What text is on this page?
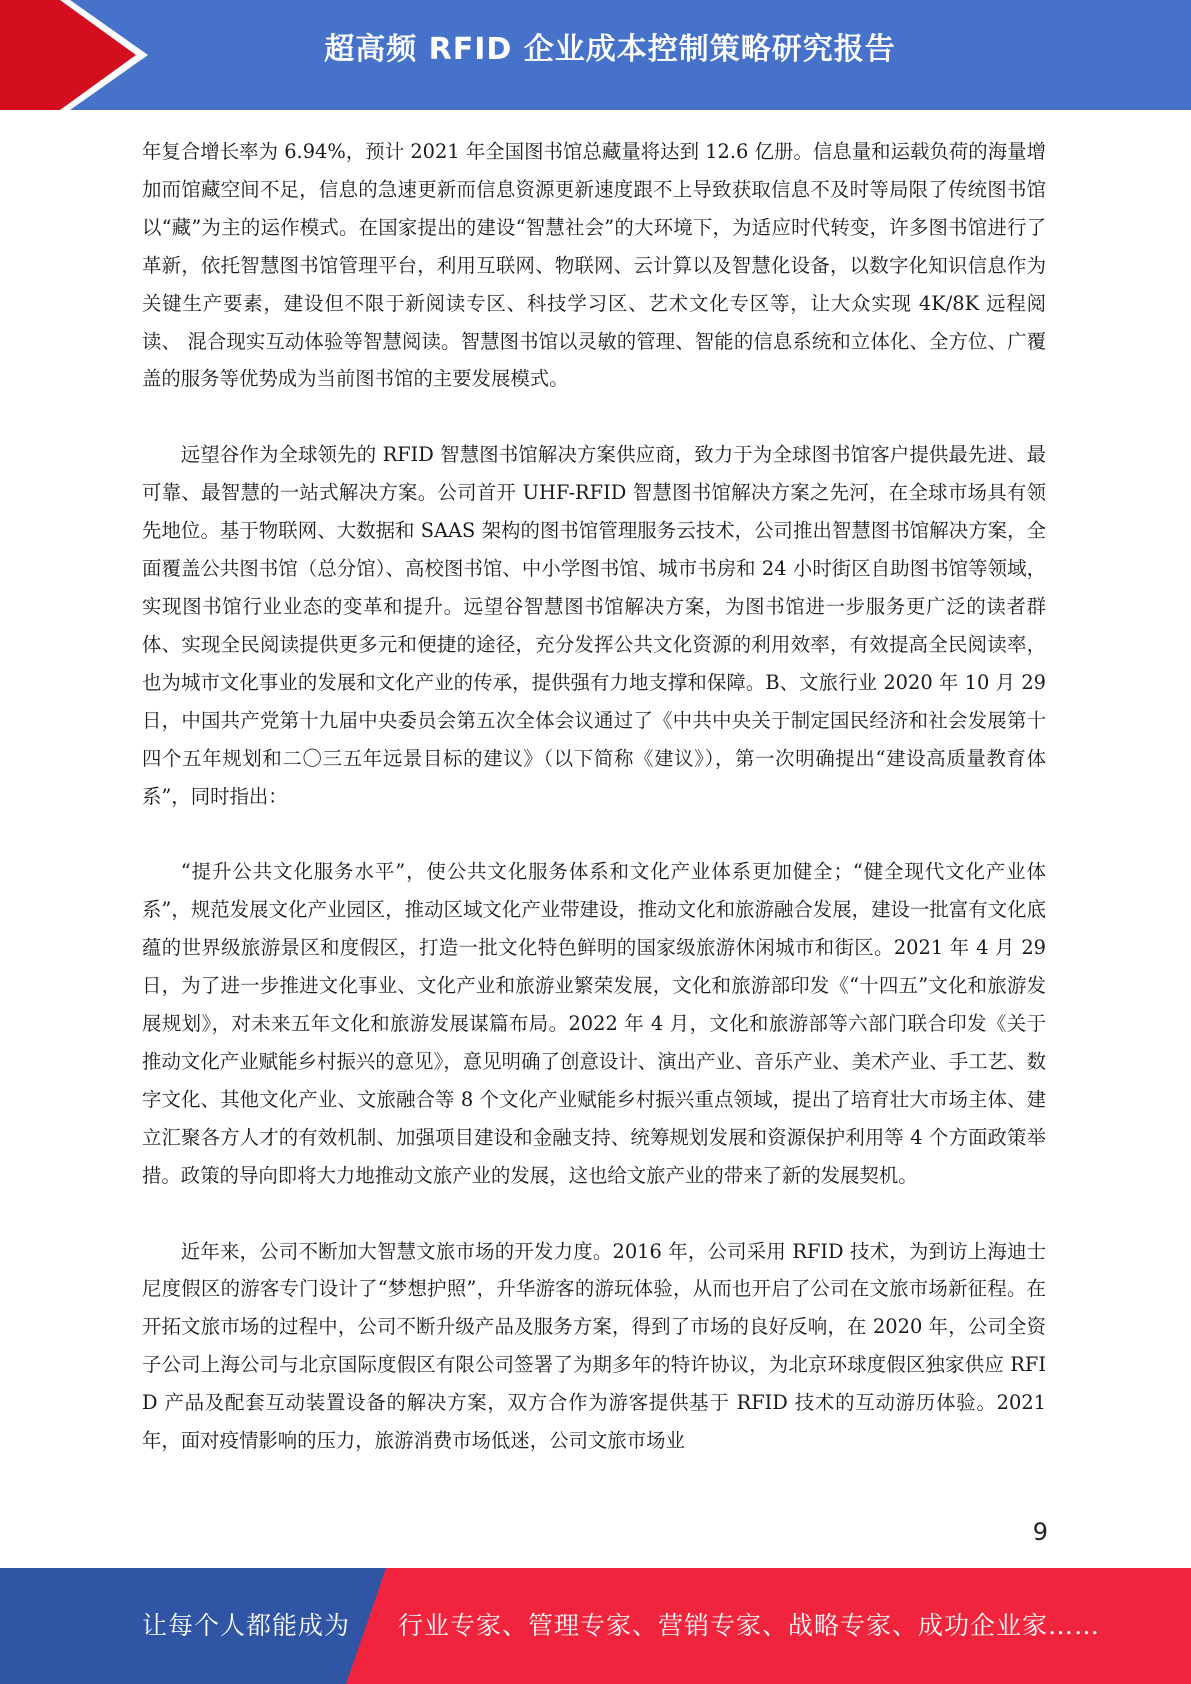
超高频 RFID 企业成本控制策略研究报告

年复合增长率为 6.94%，预计 2021 年全国图书馆总藏量将达到 12.6 亿册。信息量和运载负荷的海量增加而馆藏空间不足，信息的急速更新而信息资源更新速度跟不上导致获取信息不及时等局限了传统图书馆以“藏”为主的运作模式。在国家提出的建设“智慧社会”的大环境下，为适应时代转变，许多图书馆进行了革新，依托智慧图书馆管理平台，利用互联网、物联网、云计算以及智慧化设备，以数字化知识信息作为关键生产要素，建设但不限于新阅读专区、科技学习区、艺术文化专区等，让大众实现 4K/8K 远程阅读、 混合现实互动体验等智慧阅读。智慧图书馆以灵敏的管理、智能的信息系统和立体化、全方位、广覆盖的服务等优势成为当前图书馆的主要发展模式。

远望谷作为全球领先的 RFID 智慧图书馆解决方案供应商，致力于为全球图书馆客户提供最先进、最可靠、最智慧的一站式解决方案。公司首开 UHF-RFID 智慧图书馆解决方案之先河，在全球市场具有领先地位。基于物联网、大数据和 SAAS 架构的图书馆管理服务云技术，公司推出智慧图书馆解决方案，全面覆盖公共图书馆（总分馆）、高校图书馆、中小学图书馆、城市书房和 24 小时街区自助图书馆等领域，实现图书馆行业业态的变革和提升。远望谷智慧图书馆解决方案，为图书馆进一步服务更广泛的读者群体、实现全民阅读提供更多元和便捷的途径，充分发挥公共文化资源的利用效率，有效提高全民阅读率，也为城市文化事业的发展和文化产业的传承，提供强有力地支撑和保障。B、文旅行业 2020 年 10 月 29 日，中国共产党第十九届中央委员会第五次全体会议通过了《中共中央关于制定国民经济和社会发展第十四个五年规划和二〇三五年远景目标的建议》（以下简称《建议》），第一次明确提出“建设高质量教育体系”，同时指出：

“提升公共文化服务水平”，使公共文化服务体系和文化产业体系更加健全；“健全现代文化产业体系”，规范发展文化产业园区，推动区域文化产业带建设，推动文化和旅游融合发展，建设一批富有文化底蕴的世界级旅游景区和度假区，打造一批文化特色鲜明的国家级旅游休闲城市和街区。2021 年 4 月 29 日，为了进一步推进文化事业、文化产业和旅游业繁荣发展，文化和旅游部印发《“十四五”文化和旅游发展规划》，对未来五年文化和旅游发展谋篇布局。2022 年 4 月，文化和旅游部等六部门联合印发《关于推动文化产业赋能乡村振兴的意见》，意见明确了创意设计、演出产业、音乐产业、美术产业、手工艺、数字文化、其他文化产业、文旅融合等 8 个文化产业赋能乡村振兴重点领域，提出了培育壮大市场主体、建立汇聚各方人才的有效机制、加强项目建设和金融支持、统筹规划发展和资源保护利用等 4 个方面政策举措。政策的导向即将大力地推动文旅产业的发展，这也给文旅产业的带来了新的发展契机。

近年来，公司不断加大智慧文旅市场的开发力度。2016 年，公司采用 RFID 技术，为到访上海迪士尼度假区的游客专门设计了“梦想护照”，升华游客的游玩体验，从而也开启了公司在文旅市场新征程。在开拓文旅市场的过程中，公司不断升级产品及服务方案，得到了市场的良好反响，在 2020 年，公司全资子公司上海公司与北京国际度假区有限公司签署了为期多年的特许协议，为北京环球度假区独家供应 RFID 产品及配套互动装置设备的解决方案，双方合作为游客提供基于 RFID 技术的互动游历体验。2021 年，面对疫情影响的压力，旅游消费市场低迷，公司文旅市场业

9
让每个人都能成为 行业专家、管理专家、营销专家、战略专家、成功企业家……
